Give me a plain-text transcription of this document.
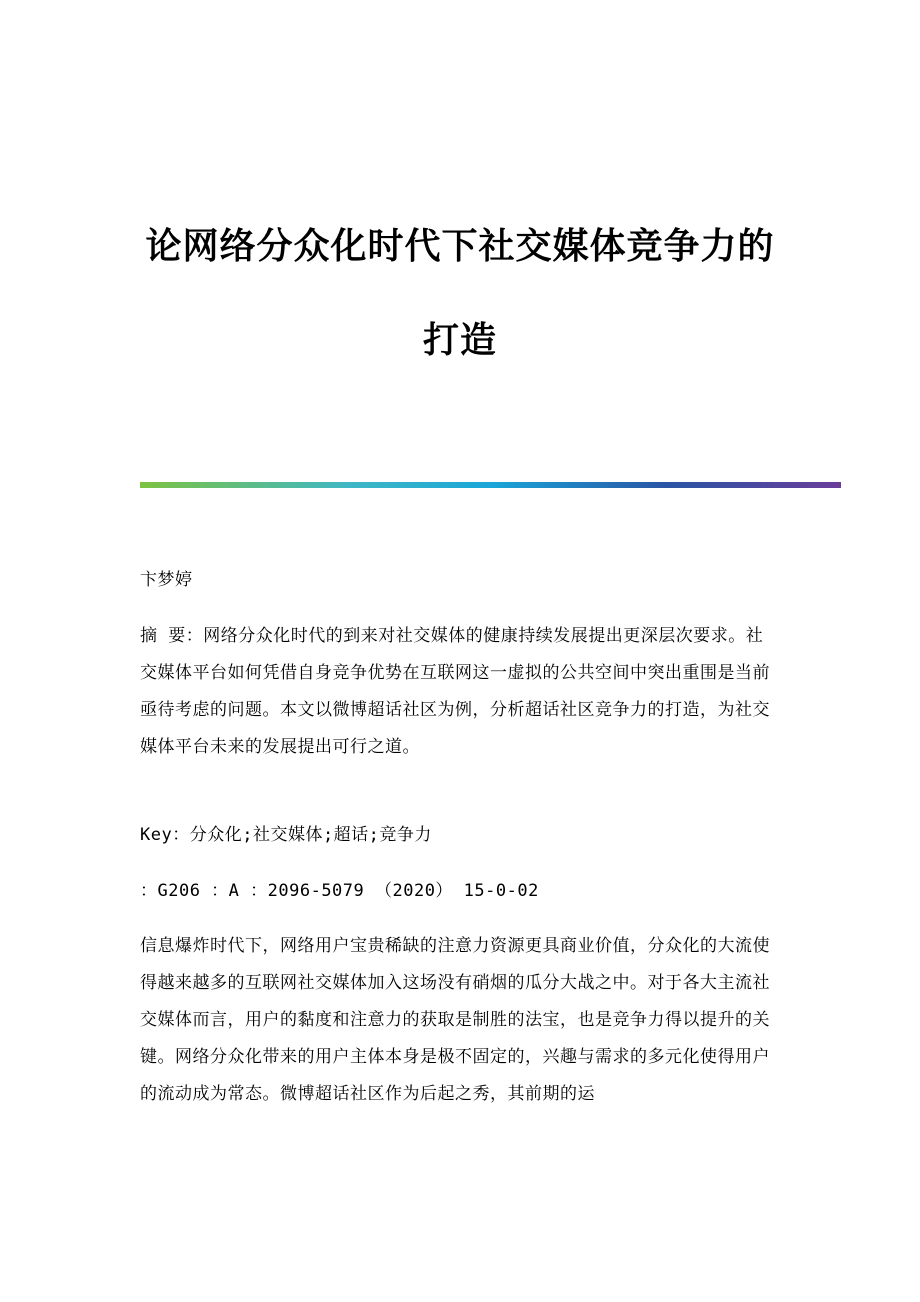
论网络分众化时代下社交媒体竞争力的
打造

卞梦婷

摘 要：网络分众化时代的到来对社交媒体的健康持续发展提出更深层次要求。社交媒体平台如何凭借自身竞争优势在互联网这一虚拟的公共空间中突出重围是当前亟待考虑的问题。本文以微博超话社区为例，分析超话社区竞争力的打造，为社交媒体平台未来的发展提出可行之道。

Key：分众化;社交媒体;超话;竞争力

：G206 ：A ：2096-5079 （2020） 15-0-02

信息爆炸时代下，网络用户宝贵稀缺的注意力资源更具商业价值，分众化的大流使得越来越多的互联网社交媒体加入这场没有硝烟的瓜分大战之中。对于各大主流社交媒体而言，用户的黏度和注意力的获取是制胜的法宝，也是竞争力得以提升的关键。网络分众化带来的用户主体本身是极不固定的，兴趣与需求的多元化使得用户的流动成为常态。微博超话社区作为后起之秀，其前期的运
